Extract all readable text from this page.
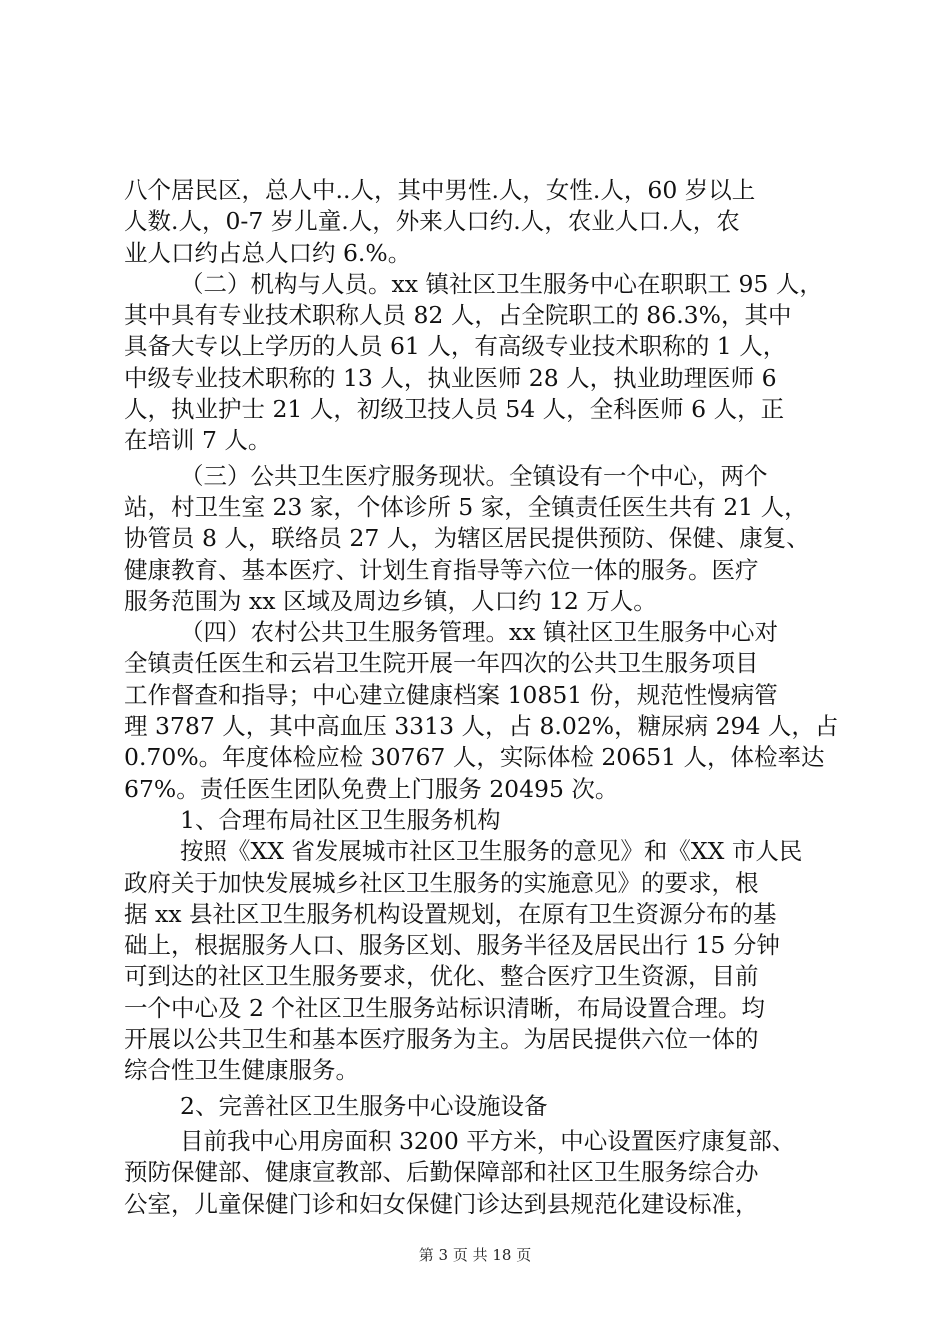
八个居民区，总人中..人，其中男性.人，女性.人，60 岁以上
人数.人，0-7 岁儿童.人，外来人口约.人，农业人口.人，农
业人口约占总人口约 6.%。
（二）机构与人员。xx 镇社区卫生服务中心在职职工 95 人，
其中具有专业技术职称人员 82 人，占全院职工的 86.3%，其中
具备大专以上学历的人员 61 人，有高级专业技术职称的 1 人，
中级专业技术职称的 13 人，执业医师 28 人，执业助理医师 6
人，执业护士 21 人，初级卫技人员 54 人，全科医师 6 人，正
在培训 7 人。
（三）公共卫生医疗服务现状。全镇设有一个中心，两个
站，村卫生室 23 家，个体诊所 5 家，全镇责任医生共有 21 人，
协管员 8 人，联络员 27 人，为辖区居民提供预防、保健、康复、
健康教育、基本医疗、计划生育指导等六位一体的服务。医疗
服务范围为 xx 区域及周边乡镇，人口约 12 万人。
（四）农村公共卫生服务管理。xx 镇社区卫生服务中心对
全镇责任医生和云岩卫生院开展一年四次的公共卫生服务项目
工作督查和指导；中心建立健康档案 10851 份，规范性慢病管
理 3787 人，其中高血压 3313 人，占 8.02%，糖尿病 294 人，占
0.70%。年度体检应检 30767 人，实际体检 20651 人，体检率达
67%。责任医生团队免费上门服务 20495 次。
1、合理布局社区卫生服务机构
按照《XX 省发展城市社区卫生服务的意见》和《XX 市人民
政府关于加快发展城乡社区卫生服务的实施意见》的要求，根
据 xx 县社区卫生服务机构设置规划，在原有卫生资源分布的基
础上，根据服务人口、服务区划、服务半径及居民出行 15 分钟
可到达的社区卫生服务要求，优化、整合医疗卫生资源，目前
一个中心及 2 个社区卫生服务站标识清晰，布局设置合理。均
开展以公共卫生和基本医疗服务为主。为居民提供六位一体的
综合性卫生健康服务。
2、完善社区卫生服务中心设施设备
目前我中心用房面积 3200 平方米，中心设置医疗康复部、
预防保健部、健康宣教部、后勤保障部和社区卫生服务综合办
公室，儿童保健门诊和妇女保健门诊达到县规范化建设标准，
第 3 页 共 18 页
